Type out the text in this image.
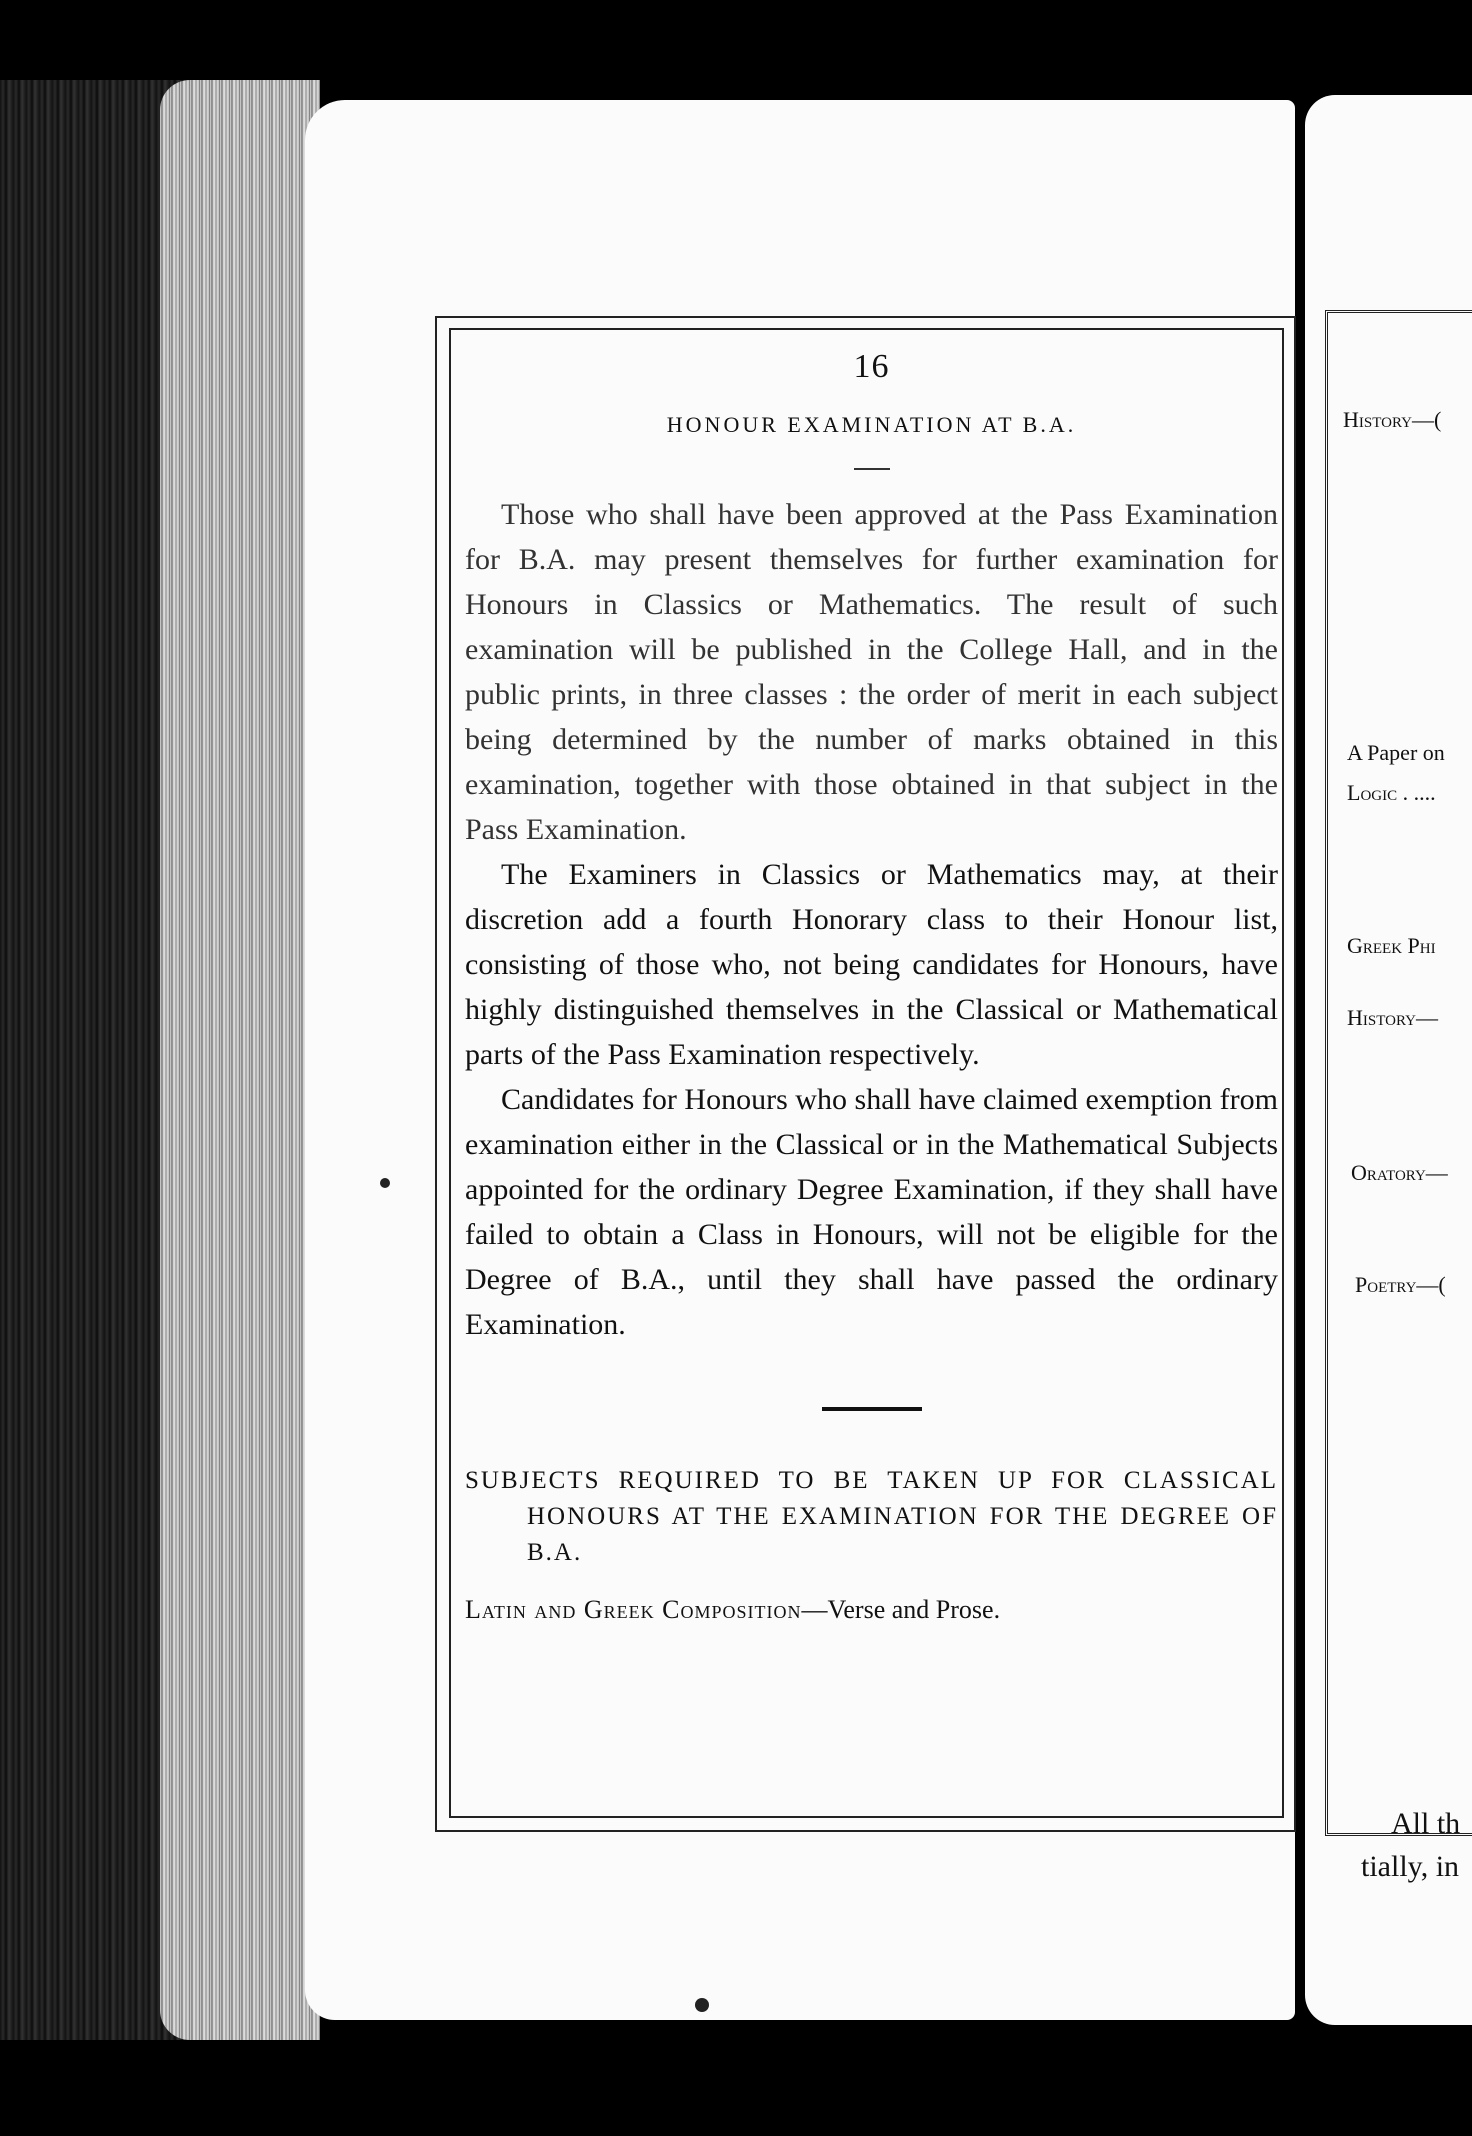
History—(
A Paper on
Logic . ....
Greek Phi
History—
Oratory—
Poetry—(
All th
tially, in
16
HONOUR EXAMINATION AT B.A.

Those who shall have been approved at the Pass Examination for B.A. may present themselves for further examination for Honours in Classics or Mathematics. The result of such examination will be published in the College Hall, and in the public prints, in three classes : the order of merit in each subject being determined by the number of marks obtained in this examination, together with those obtained in that subject in the Pass Examination.

The Examiners in Classics or Mathematics may, at their discretion add a fourth Honorary class to their Honour list, consisting of those who, not being candidates for Honours, have highly distinguished themselves in the Classical or Mathematical parts of the Pass Examination respectively.

Candidates for Honours who shall have claimed exemption from examination either in the Classical or in the Mathematical Subjects appointed for the ordinary Degree Examination, if they shall have failed to obtain a Class in Honours, will not be eligible for the Degree of B.A., until they shall have passed the ordinary Examination.

SUBJECTS REQUIRED TO BE TAKEN UP FOR CLASSICAL HONOURS AT THE EXAMINATION FOR THE DEGREE OF B.A.

Latin and Greek Composition—Verse and Prose.
